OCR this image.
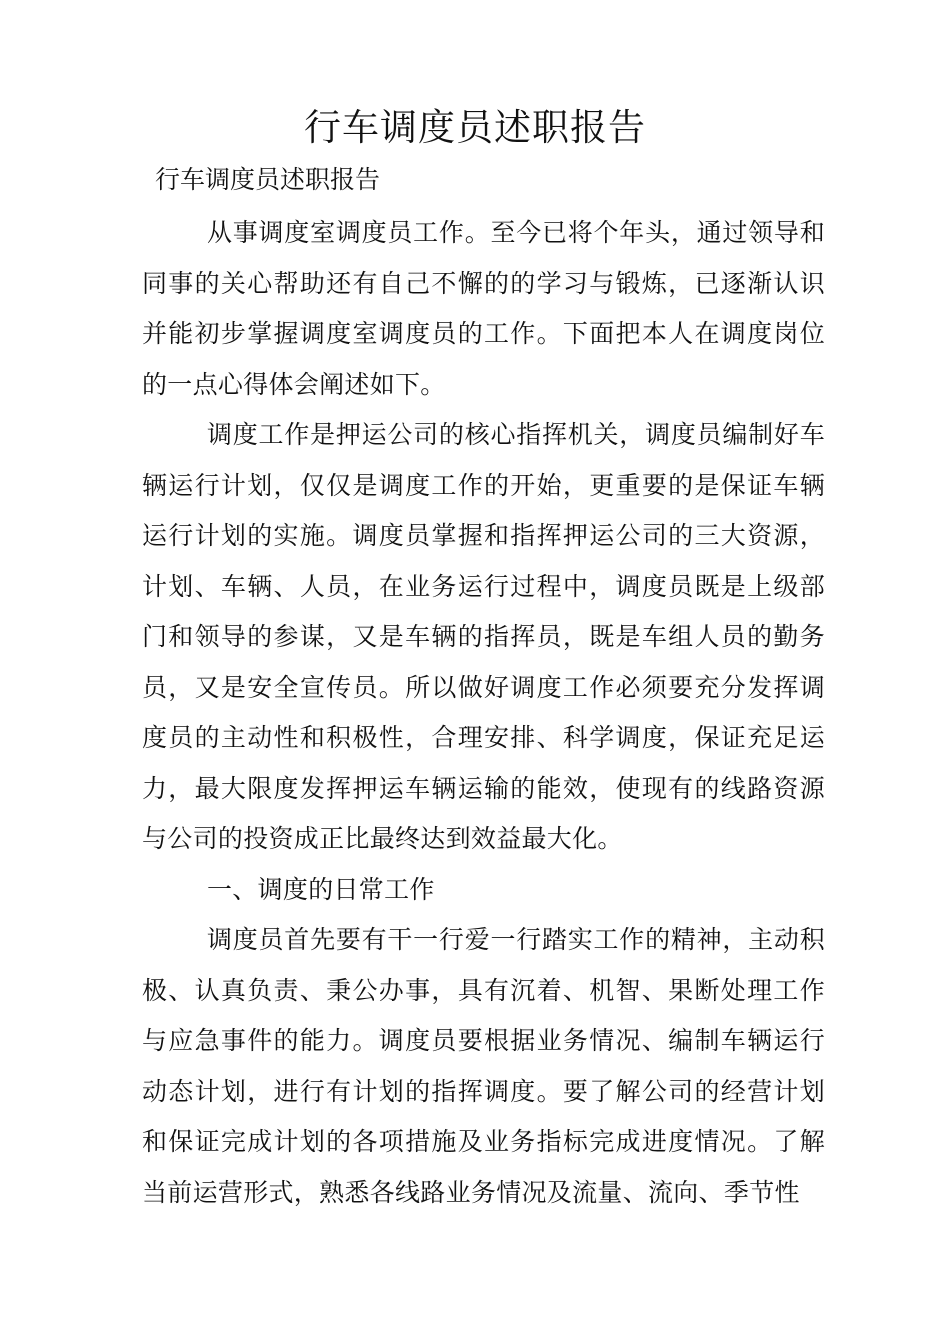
行车调度员述职报告

行车调度员述职报告

从事调度室调度员工作。至今已将个年头，通过领导和同事的关心帮助还有自己不懈的的学习与锻炼，已逐渐认识并能初步掌握调度室调度员的工作。下面把本人在调度岗位的一点心得体会阐述如下。

调度工作是押运公司的核心指挥机关，调度员编制好车辆运行计划，仅仅是调度工作的开始，更重要的是保证车辆运行计划的实施。调度员掌握和指挥押运公司的三大资源，计划、车辆、人员，在业务运行过程中，调度员既是上级部门和领导的参谋，又是车辆的指挥员，既是车组人员的勤务员，又是安全宣传员。所以做好调度工作必须要充分发挥调度员的主动性和积极性，合理安排、科学调度，保证充足运力，最大限度发挥押运车辆运输的能效，使现有的线路资源与公司的投资成正比最终达到效益最大化。

一、调度的日常工作

调度员首先要有干一行爱一行踏实工作的精神，主动积极、认真负责、秉公办事，具有沉着、机智、果断处理工作与应急事件的能力。调度员要根据业务情况、编制车辆运行动态计划，进行有计划的指挥调度。要了解公司的经营计划和保证完成计划的各项措施及业务指标完成进度情况。了解当前运营形式，熟悉各线路业务情况及流量、流向、季节性
